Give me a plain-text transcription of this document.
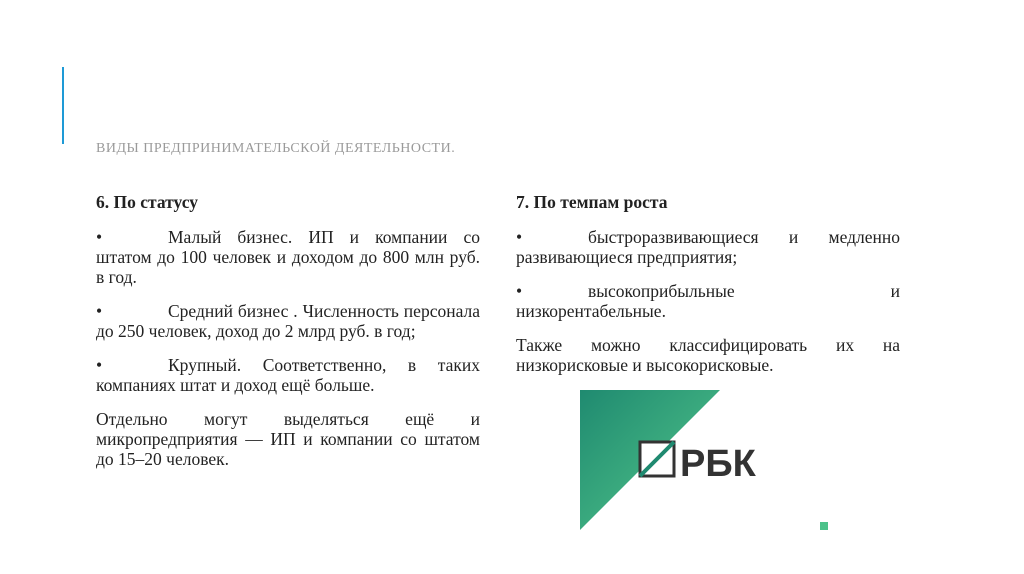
ВИДЫ ПРЕДПРИНИМАТЕЛЬСКОЙ ДЕЯТЕЛЬНОСТИ.
6. По статусу
•	Малый бизнес. ИП и компании со штатом до 100 человек и доходом до 800 млн руб. в год.
•	Средний бизнес . Численность персонала до 250 человек, доход до 2 млрд руб. в год;
•	Крупный. Соответственно, в таких компаниях штат и доход ещё больше.
Отдельно могут выделяться ещё и микропредприятия — ИП и компании со штатом до 15–20 человек.
7. По темпам роста
•	быстроразвивающиеся и медленно развивающиеся предприятия;
•	высокоприбыльные и низкорентабельные.
Также можно классифицировать их на низкорисковые и высокорисковые.
РБК
